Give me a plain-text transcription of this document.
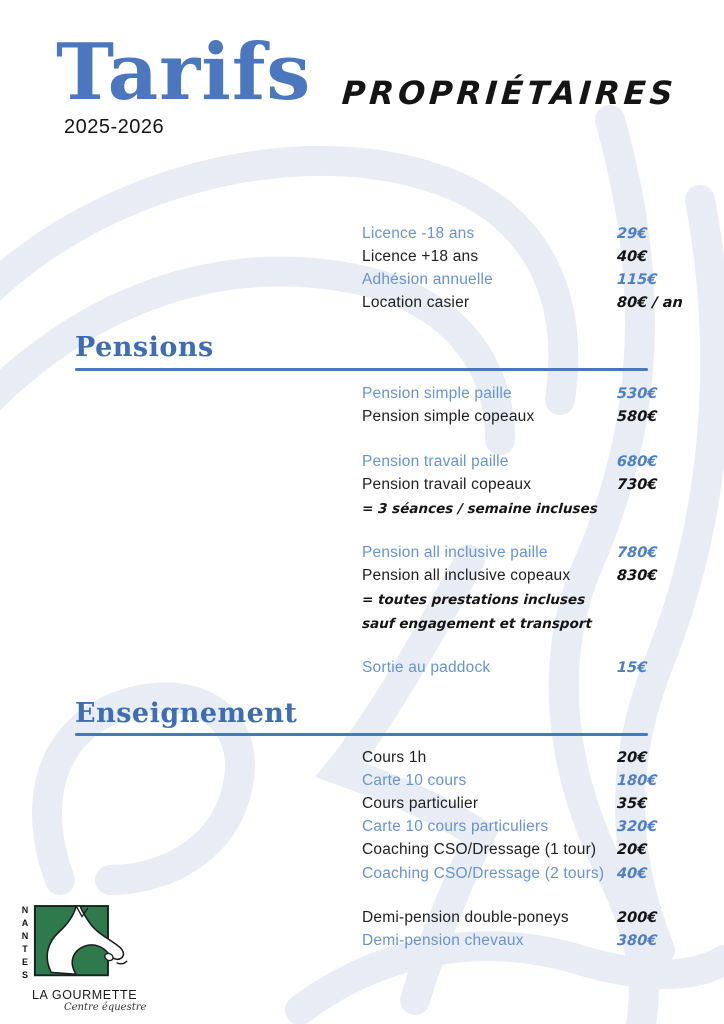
Tarifs PROPRIÉTAIRES
2025-2026
Licence -18 ans	29€
Licence +18 ans	40€
Adhésion annuelle	115€
Location casier	80€ / an
Pensions
Pension simple paille	530€
Pension simple copeaux	580€
Pension travail paille	680€
Pension travail copeaux	730€
= 3 séances / semaine incluses
Pension all inclusive paille	780€
Pension all inclusive copeaux	830€
= toutes prestations incluses
sauf engagement et transport
Sortie au paddock	15€
Enseignement
Cours 1h	20€
Carte 10 cours	180€
Cours particulier	35€
Carte 10 cours particuliers	320€
Coaching CSO/Dressage (1 tour)	20€
Coaching CSO/Dressage (2 tours) 40€
Demi-pension double-poneys	200€
Demi-pension chevaux	380€
NANTES
LA GOURMETTE
Centre équestre
